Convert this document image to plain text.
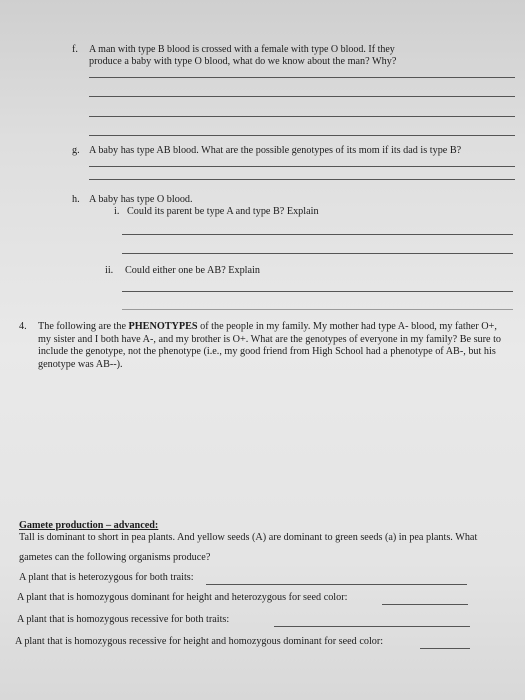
f. A man with type B blood is crossed with a female with type O blood. If they
produce a baby with type O blood, what do we know about the man? Why?
g. A baby has type AB blood. What are the possible genotypes of its mom if its dad is type B?
h. A baby has type O blood.
i. Could its parent be type A and type B? Explain
ii. Could either one be AB? Explain
4. The following are the PHENOTYPES of the people in my family. My mother had type A- blood, my father O+, my sister and I both have A-, and my brother is O+. What are the genotypes of everyone in my family? Be sure to include the genotype, not the phenotype (i.e., my good friend from High School had a phenotype of AB-, but his genotype was AB--).
Gamete production – advanced:
Tall is dominant to short in pea plants. And yellow seeds (A) are dominant to green seeds (a) in pea plants. What
gametes can the following organisms produce?
A plant that is heterozygous for both traits:
A plant that is homozygous dominant for height and heterozygous for seed color:
A plant that is homozygous recessive for both traits:
A plant that is homozygous recessive for height and homozygous dominant for seed color:
